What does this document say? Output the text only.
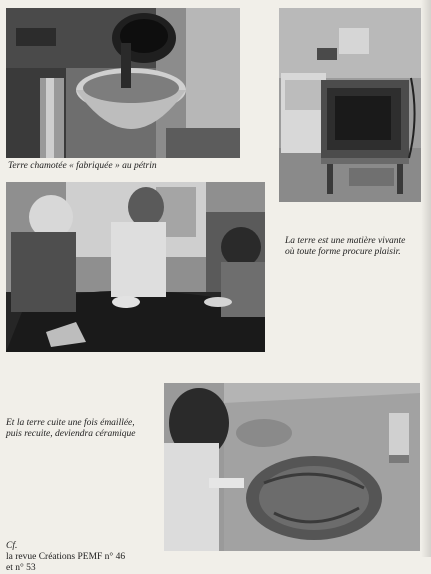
Terre chamotée « fabriquée » au pétrin
La terre est une matière vivante
où toute forme procure plaisir.
Et la terre cuite une fois émaillée,
puis recuite, deviendra céramique

Cf.
la revue Créations PEMF n° 46
et n° 53
